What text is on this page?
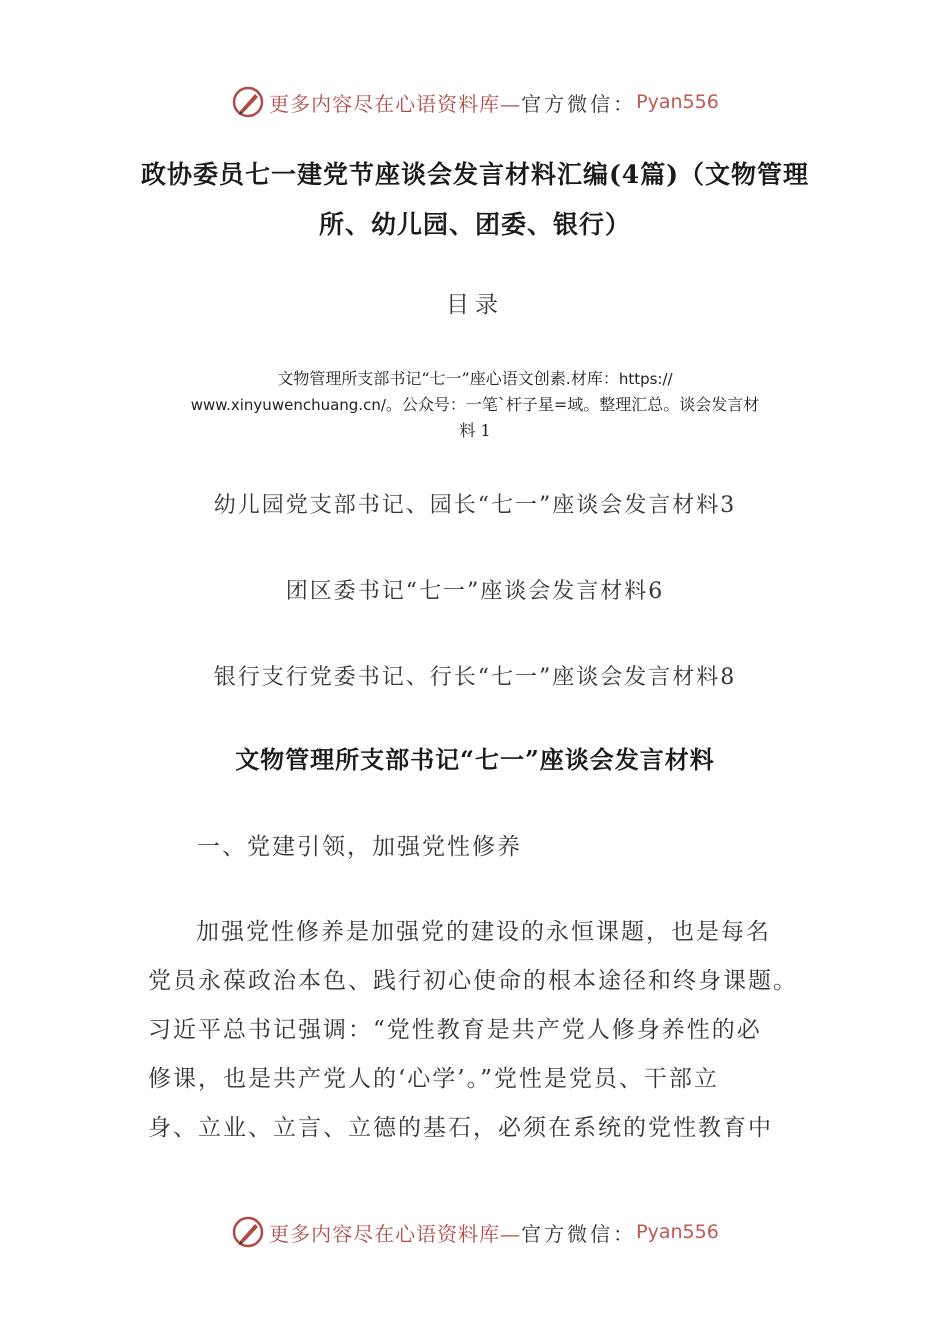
更多内容尽在心语资料库— 官方微信： Pyan556
政协委员七一建党节座谈会发言材料汇编(4篇)（文物管理
所、幼儿园、团委、银行）
目录
文物管理所支部书记“七一”座心语文创素.材库：https://
www.xinyuwenchuang.cn/。公众号：一笔`杆子星=域。整理汇总。谈会发言材
料 1
幼儿园党支部书记、园长“七一”座谈会发言材料3
团区委书记“七一”座谈会发言材料6
银行支行党委书记、行长“七一”座谈会发言材料8
文物管理所支部书记“七一”座谈会发言材料
一、党建引领，加强党性修养
加强党性修养是加强党的建设的永恒课题，也是每名
党员永葆政治本色、践行初心使命的根本途径和终身课题。
习近平总书记强调：“党性教育是共产党人修身养性的必
修课，也是共产党人的‘心学’。”党性是党员、干部立
身、立业、立言、立德的基石，必须在系统的党性教育中
更多内容尽在心语资料库— 官方微信： Pyan556
